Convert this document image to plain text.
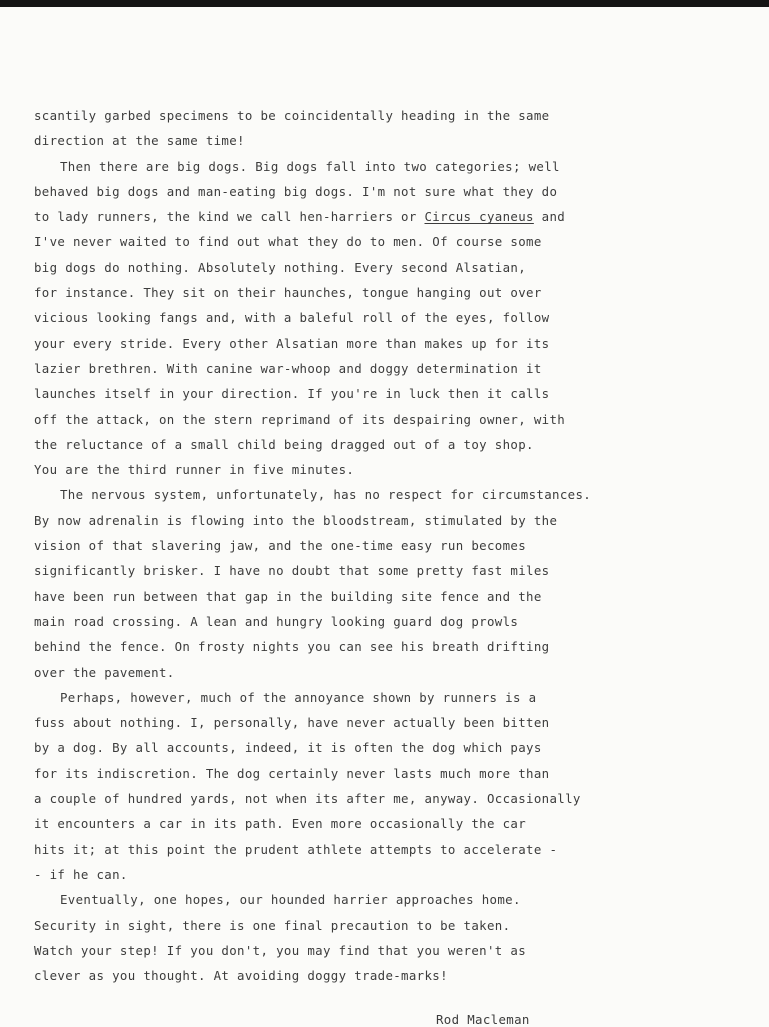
scantily garbed specimens to be coincidentally heading in the same
direction at the same time!
Then there are big dogs. Big dogs fall into two categories; well
behaved big dogs and man-eating big dogs. I'm not sure what they do
to lady runners, the kind we call hen-harriers or Circus cyaneus and
I've never waited to find out what they do to men. Of course some
big dogs do nothing. Absolutely nothing. Every second Alsatian,
for instance. They sit on their haunches, tongue hanging out over
vicious looking fangs and, with a baleful roll of the eyes, follow
your every stride. Every other Alsatian more than makes up for its
lazier brethren. With canine war-whoop and doggy determination it
launches itself in your direction. If you're in luck then it calls
off the attack, on the stern reprimand of its despairing owner, with
the reluctance of a small child being dragged out of a toy shop.
You are the third runner in five minutes.
The nervous system, unfortunately, has no respect for circumstances.
By now adrenalin is flowing into the bloodstream, stimulated by the
vision of that slavering jaw, and the one-time easy run becomes
significantly brisker. I have no doubt that some pretty fast miles
have been run between that gap in the building site fence and the
main road crossing. A lean and hungry looking guard dog prowls
behind the fence. On frosty nights you can see his breath drifting
over the pavement.
Perhaps, however, much of the annoyance shown by runners is a
fuss about nothing. I, personally, have never actually been bitten
by a dog. By all accounts, indeed, it is often the dog which pays
for its indiscretion. The dog certainly never lasts much more than
a couple of hundred yards, not when its after me, anyway. Occasionally
it encounters a car in its path. Even more occasionally the car
hits it; at this point the prudent athlete attempts to accelerate -
- if he can.
Eventually, one hopes, our hounded harrier approaches home.
Security in sight, there is one final precaution to be taken.
Watch your step! If you don't, you may find that you weren't as
clever as you thought. At avoiding doggy trade-marks!
Rod Macleman
